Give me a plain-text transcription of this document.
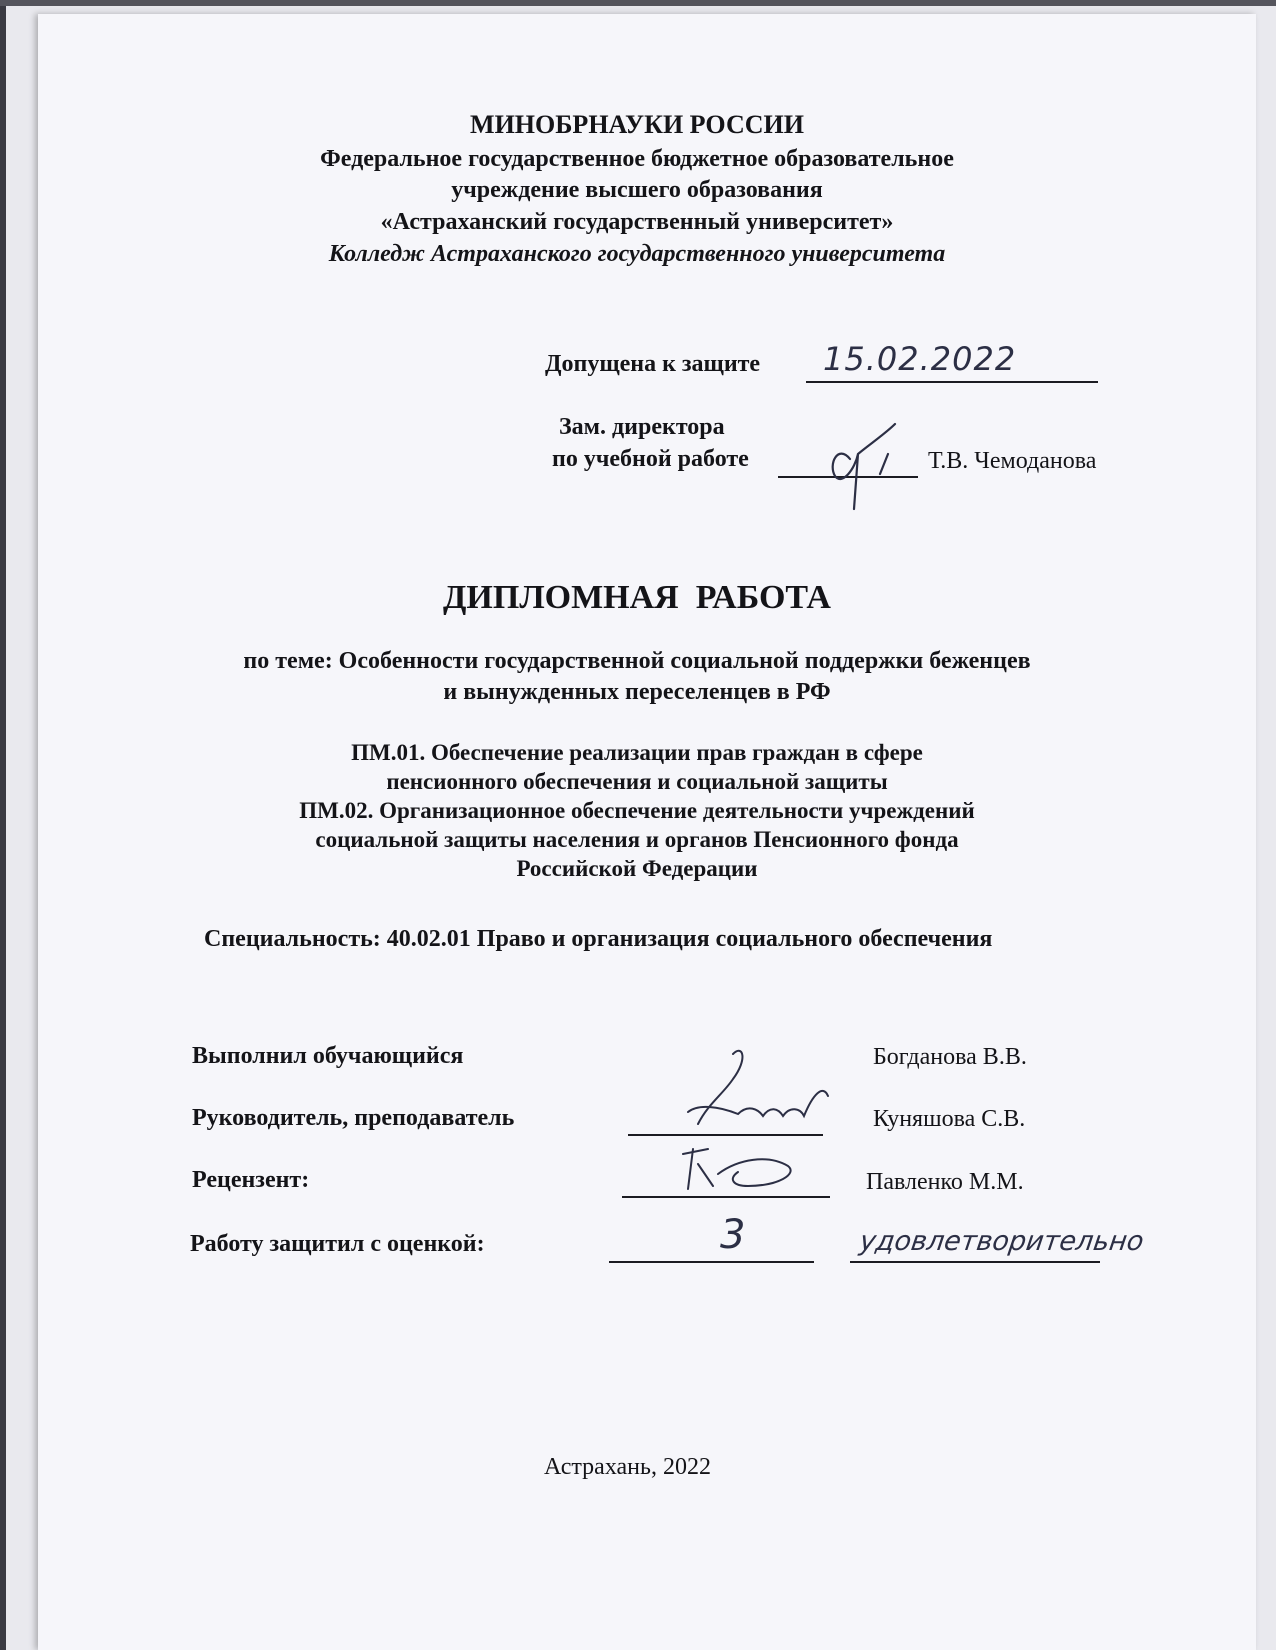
МИНОБРНАУКИ РОССИИ
Федеральное государственное бюджетное образовательное
учреждение высшего образования
«Астраханский государственный университет»
Колледж Астраханского государственного университета
Допущена к защите 15.02.2022
Зам. директора
по учебной работе	Т.В. Чемоданова
ДИПЛОМНАЯ  РАБОТА
по теме: Особенности государственной социальной поддержки беженцев
и вынужденных переселенцев в РФ
ПМ.01. Обеспечение реализации прав граждан в сфере
пенсионного обеспечения и социальной защиты
ПМ.02. Организационное обеспечение деятельности учреждений
социальной защиты населения и органов Пенсионного фонда
Российской Федерации
Специальность: 40.02.01 Право и организация социального обеспечения
Выполнил обучающийся	Богданова В.В.
Руководитель, преподаватель	Куняшова С.В.
Рецензент:	Павленко М.М.
Работу защитил с оценкой:	3	удовлетворительно
Астрахань, 2022
